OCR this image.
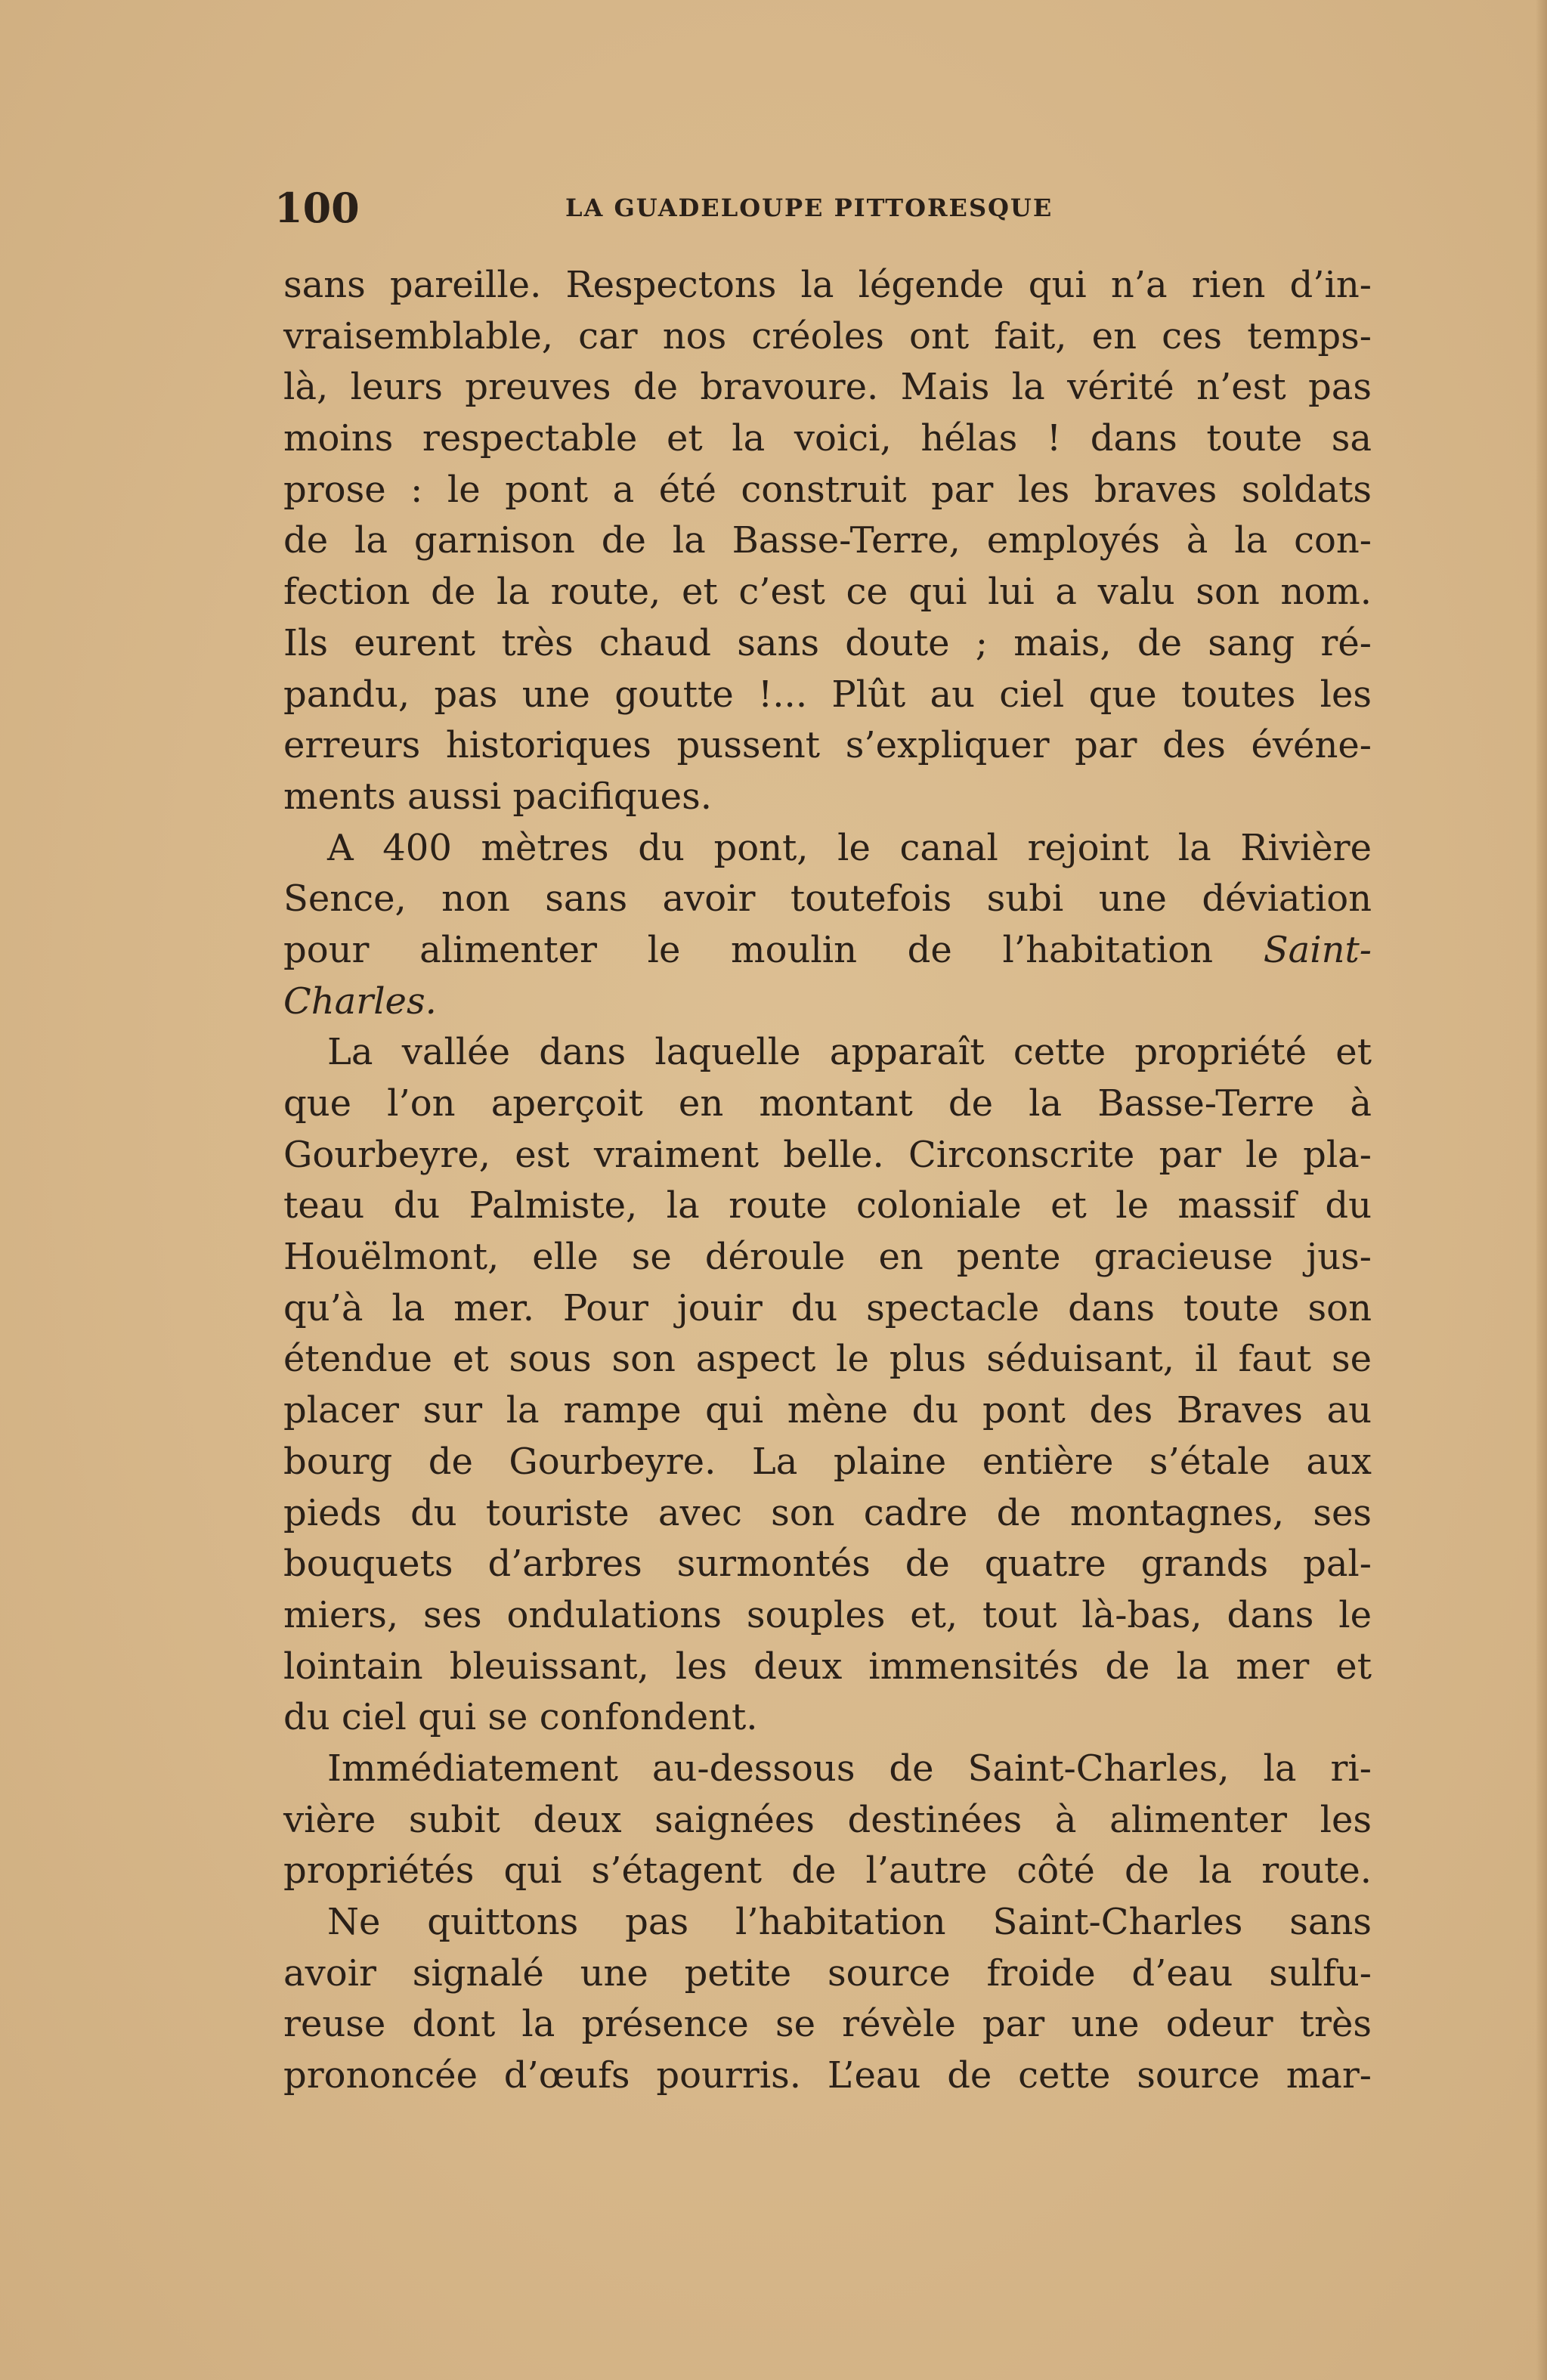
100	LA GUADELOUPE PITTORESQUE
sans pareille. Respectons la légende qui n’a rien d’in-
vraisemblable, car nos créoles ont fait, en ces temps-
là, leurs preuves de bravoure. Mais la vérité n’est pas
moins respectable et la voici, hélas ! dans toute sa
prose : le pont a été construit par les braves soldats
de la garnison de la Basse-Terre, employés à la con-
fection de la route, et c’est ce qui lui a valu son nom.
Ils eurent très chaud sans doute ; mais, de sang ré-
pandu, pas une goutte !... Plût au ciel que toutes les
erreurs historiques pussent s’expliquer par des événe-
ments aussi pacifiques.
A 400 mètres du pont, le canal rejoint la Rivière
Sence, non sans avoir toutefois subi une déviation
pour alimenter le moulin de l’habitation Saint-
Charles.
La vallée dans laquelle apparaît cette propriété et
que l’on aperçoit en montant de la Basse-Terre à
Gourbeyre, est vraiment belle. Circonscrite par le pla-
teau du Palmiste, la route coloniale et le massif du
Houëlmont, elle se déroule en pente gracieuse jus-
qu’à la mer. Pour jouir du spectacle dans toute son
étendue et sous son aspect le plus séduisant, il faut se
placer sur la rampe qui mène du pont des Braves au
bourg de Gourbeyre. La plaine entière s’étale aux
pieds du touriste avec son cadre de montagnes, ses
bouquets d’arbres surmontés de quatre grands pal-
miers, ses ondulations souples et, tout là-bas, dans le
lointain bleuissant, les deux immensités de la mer et
du ciel qui se confondent.
Immédiatement au-dessous de Saint-Charles, la ri-
vière subit deux saignées destinées à alimenter les
propriétés qui s’étagent de l’autre côté de la route.
Ne quittons pas l’habitation Saint-Charles sans
avoir signalé une petite source froide d’eau sulfu-
reuse dont la présence se révèle par une odeur très
prononcée d’œufs pourris. L’eau de cette source mar-
